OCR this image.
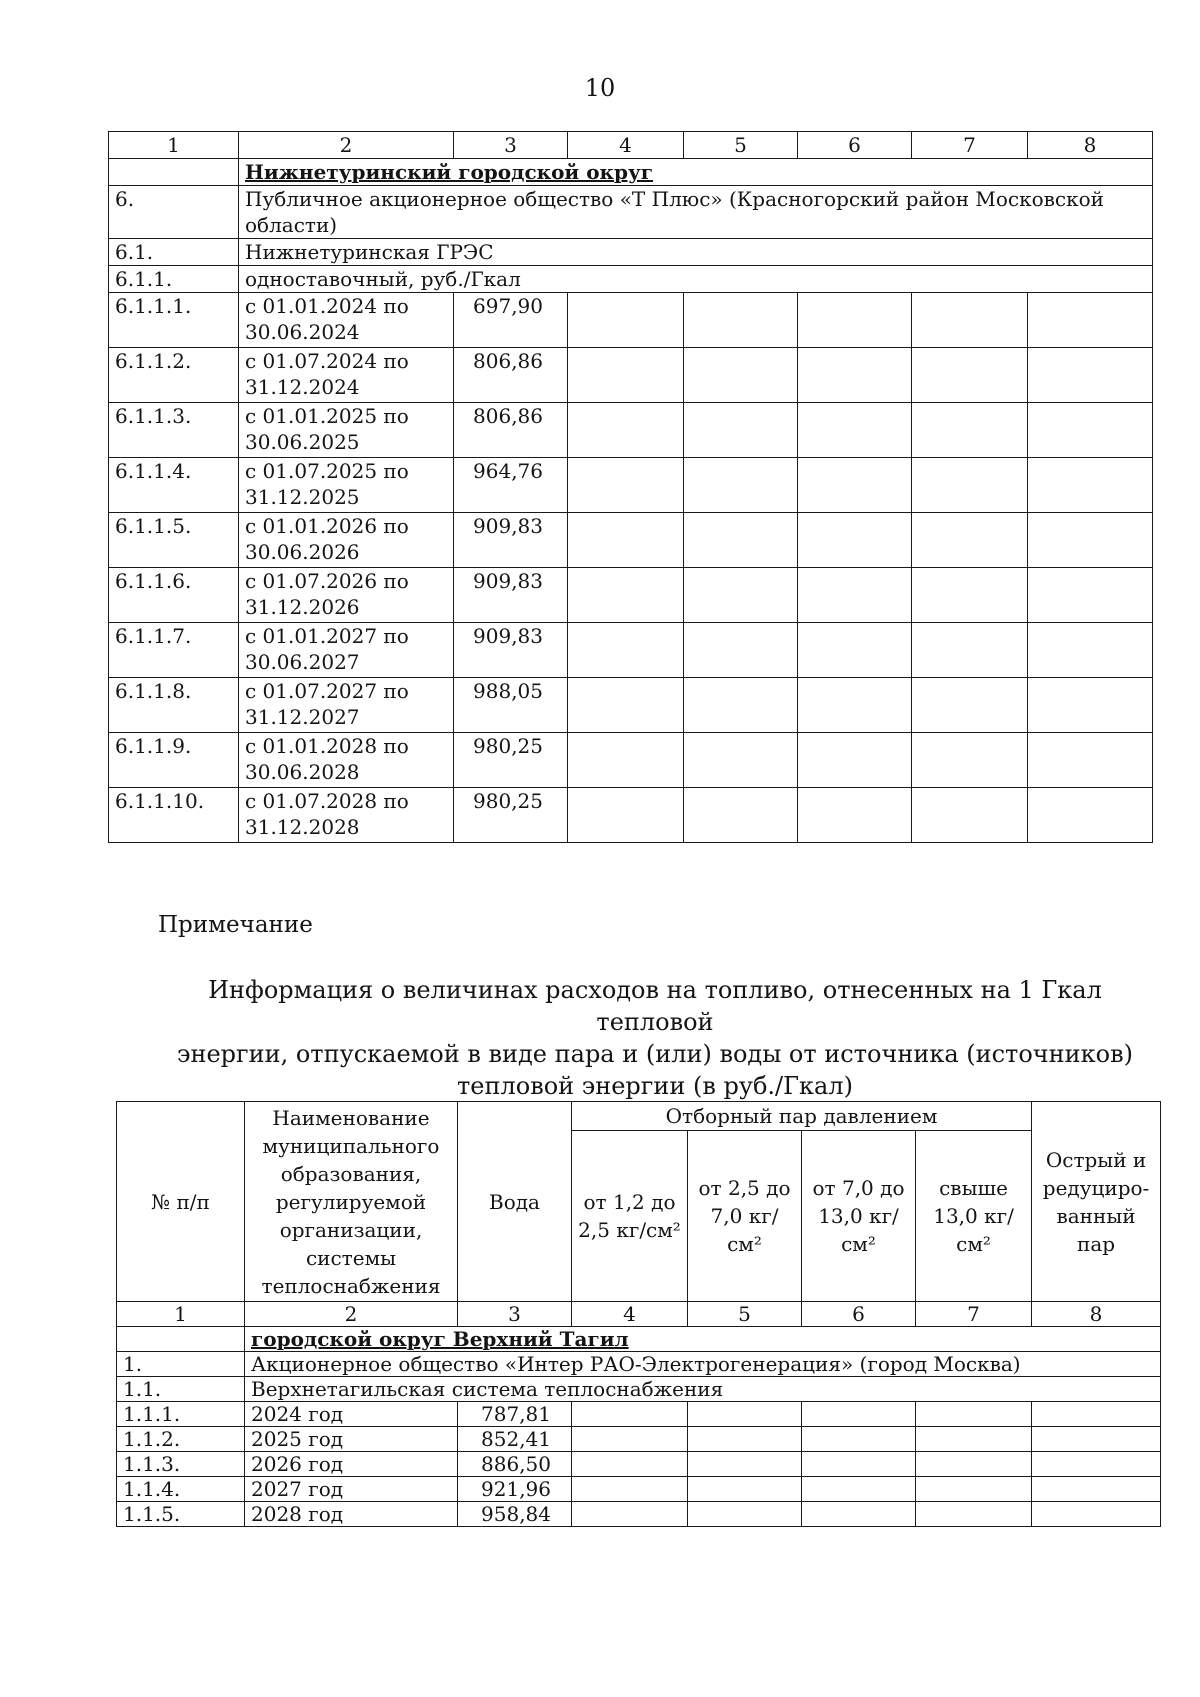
10
1	2	3	4	5	6	7	8
	Нижнетуринский городской округ						
6.	Публичное акционерное общество «Т Плюс» (Красногорский район Московской области)						
6.1.	Нижнетуринская ГРЭС						
6.1.1.	одноставочный, руб./Гкал						
6.1.1.1.	с 01.01.2024 по 30.06.2024	697,90					
6.1.1.2.	с 01.07.2024 по 31.12.2024	806,86					
6.1.1.3.	с 01.01.2025 по 30.06.2025	806,86					
6.1.1.4.	с 01.07.2025 по 31.12.2025	964,76					
6.1.1.5.	с 01.01.2026 по 30.06.2026	909,83					
6.1.1.6.	с 01.07.2026 по 31.12.2026	909,83					
6.1.1.7.	с 01.01.2027 по 30.06.2027	909,83					
6.1.1.8.	с 01.07.2027 по 31.12.2027	988,05					
6.1.1.9.	с 01.01.2028 по 30.06.2028	980,25					
6.1.1.10.	с 01.07.2028 по 31.12.2028	980,25					
Примечание
Информация о величинах расходов на топливо, отнесенных на 1 Гкал тепловой
энергии, отпускаемой в виде пара и (или) воды от источника (источников)
тепловой энергии (в руб./Гкал)
№ п/п	Наименование муниципального образования, регулируемой организации, системы теплоснабжения	Вода	Отборный пар давлением				Острый и редуциро-ванный пар
			от 1,2 до 2,5 кг/см²	от 2,5 до 7,0 кг/см²	от 7,0 до 13,0 кг/см²	свыше 13,0 кг/см²	
1	2	3	4	5	6	7	8
	городской округ Верхний Тагил						
1.	Акционерное общество «Интер РАО-Электрогенерация» (город Москва)						
1.1.	Верхнетагильская система теплоснабжения						
1.1.1.	2024 год	787,81					
1.1.2.	2025 год	852,41					
1.1.3.	2026 год	886,50					
1.1.4.	2027 год	921,96					
1.1.5.	2028 год	958,84					
